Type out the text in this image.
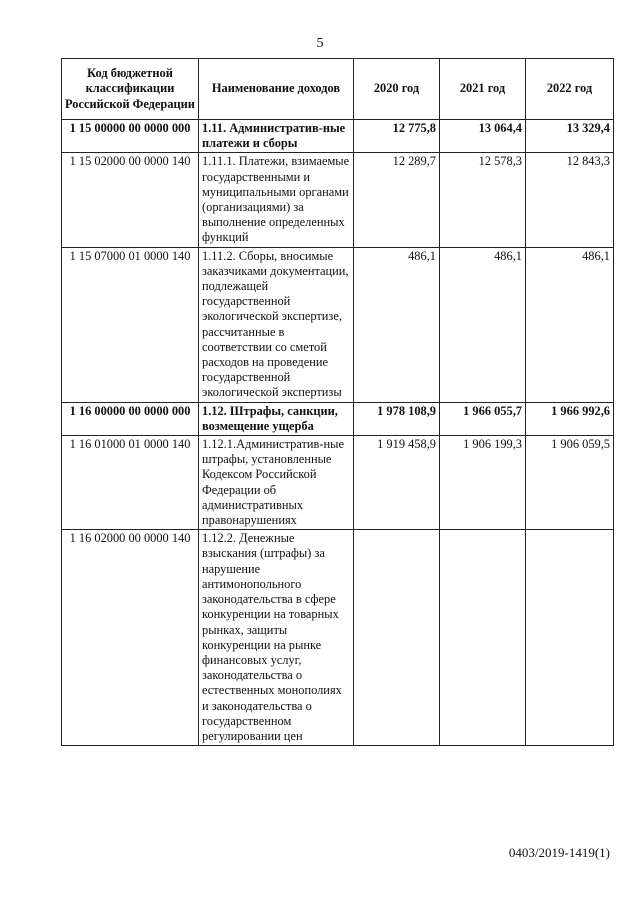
5
Код бюджетной классификации Российской Федерации	Наименование доходов	2020 год	2021 год	2022 год
1 15 00000 00 0000 000	1.11. Административ-ные платежи и сборы	12 775,8	13 064,4	13 329,4
1 15 02000 00 0000 140	1.11.1. Платежи, взимаемые государственными и муниципальными органами (организациями) за выполнение определенных функций	12 289,7	12 578,3	12 843,3
1 15 07000 01 0000 140	1.11.2. Сборы, вносимые заказчиками документации, подлежащей государственной экологической экспертизе, рассчитанные в соответствии со сметой расходов на проведение государственной экологической экспертизы	486,1	486,1	486,1
1 16 00000 00 0000 000	1.12. Штрафы, санкции, возмещение ущерба	1 978 108,9	1 966 055,7	1 966 992,6
1 16 01000 01 0000 140	1.12.1.Административ-ные штрафы, установленные Кодексом Российской Федерации об административных правонарушениях	1 919 458,9	1 906 199,3	1 906 059,5
1 16 02000 00 0000 140	1.12.2. Денежные взыскания (штрафы) за нарушение антимонопольного законодательства в сфере конкуренции на товарных рынках, защиты конкуренции на рынке финансовых услуг, законодательства о естественных монополиях и законодательства о государственном регулировании цен			
0403/2019-1419(1)
